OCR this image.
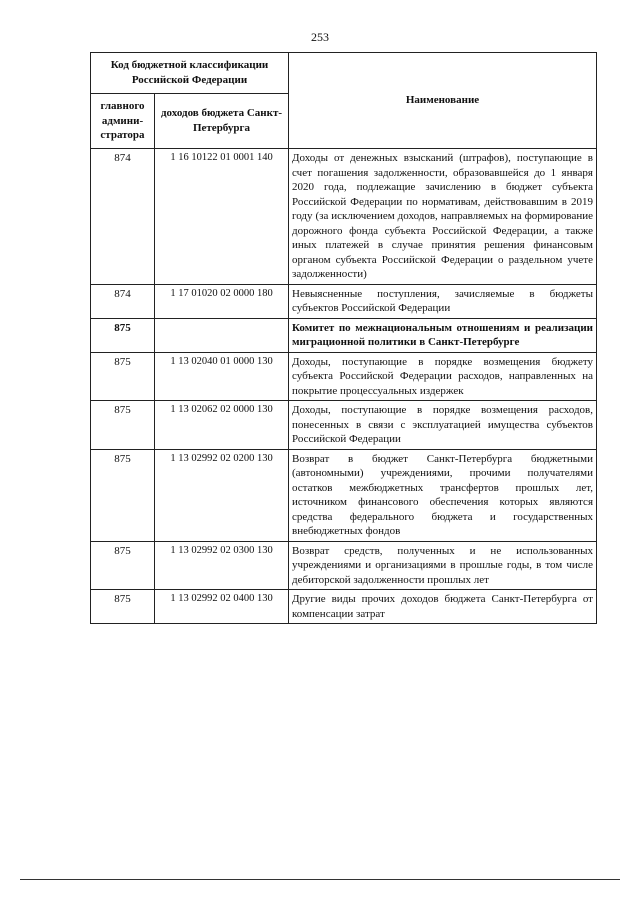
253
Код бюджетной классификации Российской Федерации		Наименование
главного админи-стратора	доходов бюджета Санкт-Петербурга	
874	1 16 10122 01 0001 140	Доходы от денежных взысканий (штрафов), поступающие в счет погашения задолженности, образовавшейся до 1 января 2020 года, подлежащие зачислению в бюджет субъекта Российской Федерации по нормативам, действовавшим в 2019 году (за исключением доходов, направляемых на формирование дорожного фонда субъекта Российской Федерации, а также иных платежей в случае принятия решения финансовым органом субъекта Российской Федерации о раздельном учете задолженности)
874	1 17 01020 02 0000 180	Невыясненные поступления, зачисляемые в бюджеты субъектов Российской Федерации
875		Комитет по межнациональным отношениям и реализации миграционной политики в Санкт-Петербурге
875	1 13 02040 01 0000 130	Доходы, поступающие в порядке возмещения бюджету субъекта Российской Федерации расходов, направленных на покрытие процессуальных издержек
875	1 13 02062 02 0000 130	Доходы, поступающие в порядке возмещения расходов, понесенных в связи с эксплуатацией имущества субъектов Российской Федерации
875	1 13 02992 02 0200 130	Возврат в бюджет Санкт-Петербурга бюджетными (автономными) учреждениями, прочими получателями остатков межбюджетных трансфертов прошлых лет, источником финансового обеспечения которых являются средства федерального бюджета и государственных внебюджетных фондов
875	1 13 02992 02 0300 130	Возврат средств, полученных и не использованных учреждениями и организациями в прошлые годы, в том числе дебиторской задолженности прошлых лет
875	1 13 02992 02 0400 130	Другие виды прочих доходов бюджета Санкт-Петербурга от компенсации затрат
